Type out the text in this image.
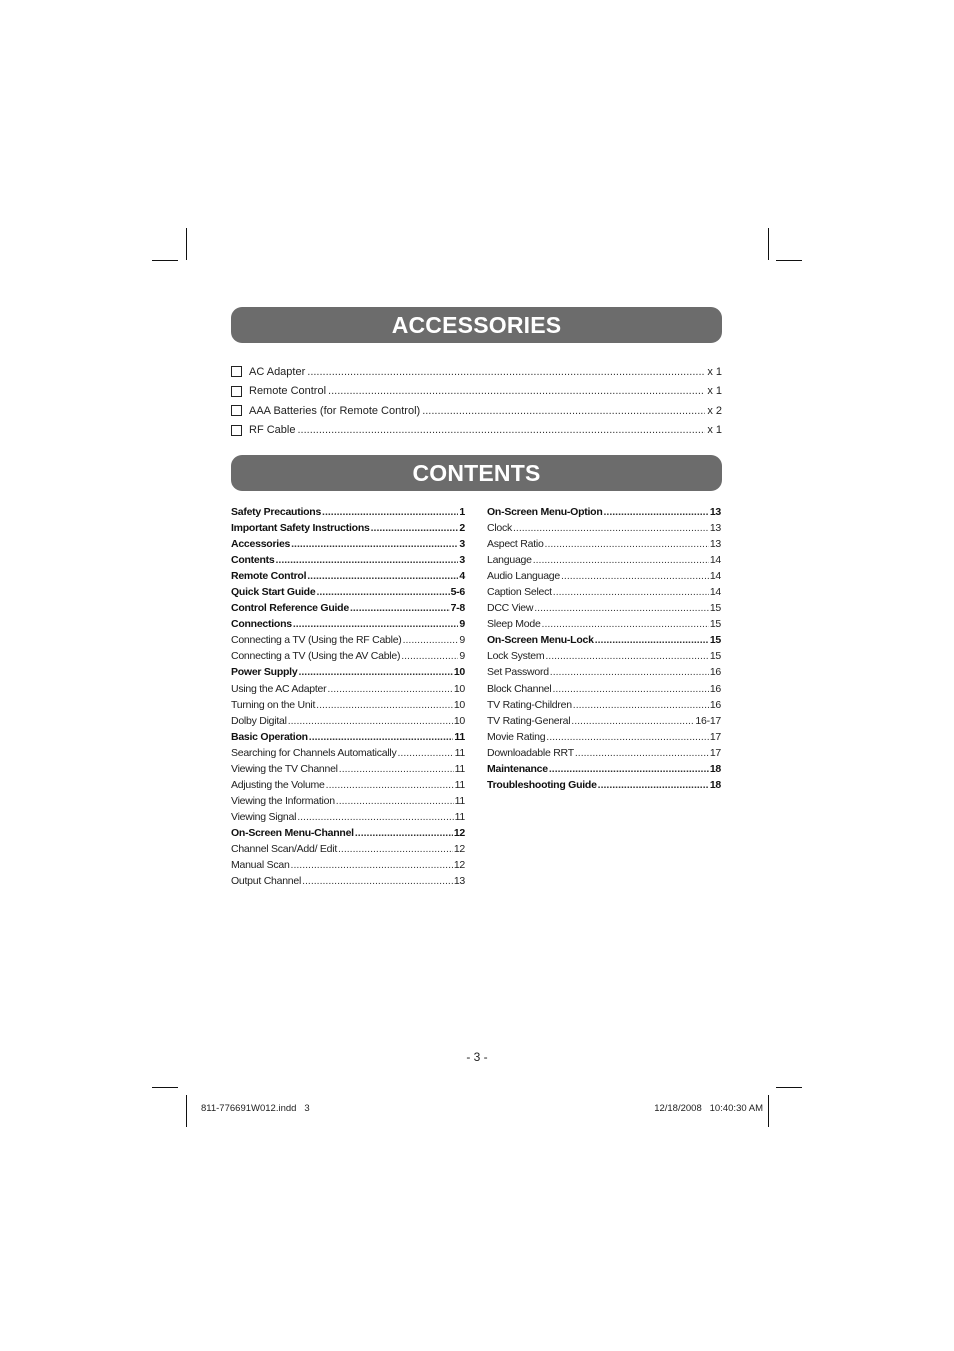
ACCESSORIES
AC Adapter .....	x 1
Remote Control .....	x 1
AAA Batteries (for Remote Control) .....	x 2
RF Cable .....	x 1
CONTENTS
Safety Precautions .....	1
Important Safety Instructions .....	2
Accessories .....	3
Contents .....	3
Remote Control .....	4
Quick Start Guide .....	5-6
Control Reference Guide .....	7-8
Connections .....	9
Connecting a TV (Using the RF Cable) .....	9
Connecting a TV (Using the AV Cable) .....	9
Power Supply .....	10
Using the AC Adapter .....	10
Turning on the Unit .....	10
Dolby Digital .....	10
Basic Operation .....	11
Searching for Channels Automatically .....	11
Viewing the TV Channel .....	11
Adjusting the Volume .....	11
Viewing the Information .....	11
Viewing Signal .....	11
On-Screen Menu-Channel .....	12
Channel Scan/Add/ Edit .....	12
Manual Scan .....	12
Output Channel .....	13
On-Screen Menu-Option .....	13
Clock .....	13
Aspect Ratio .....	13
Language .....	14
Audio Language .....	14
Caption Select .....	14
DCC View .....	15
Sleep Mode .....	15
On-Screen Menu-Lock .....	15
Lock System .....	15
Set Password .....	16
Block Channel .....	16
TV Rating-Children .....	16
TV Rating-General .....	16-17
Movie Rating .....	17
Downloadable RRT .....	17
Maintenance .....	18
Troubleshooting Guide .....	18
- 3 -
811-776691W012.indd   3	12/18/2008   10:40:30 AM
